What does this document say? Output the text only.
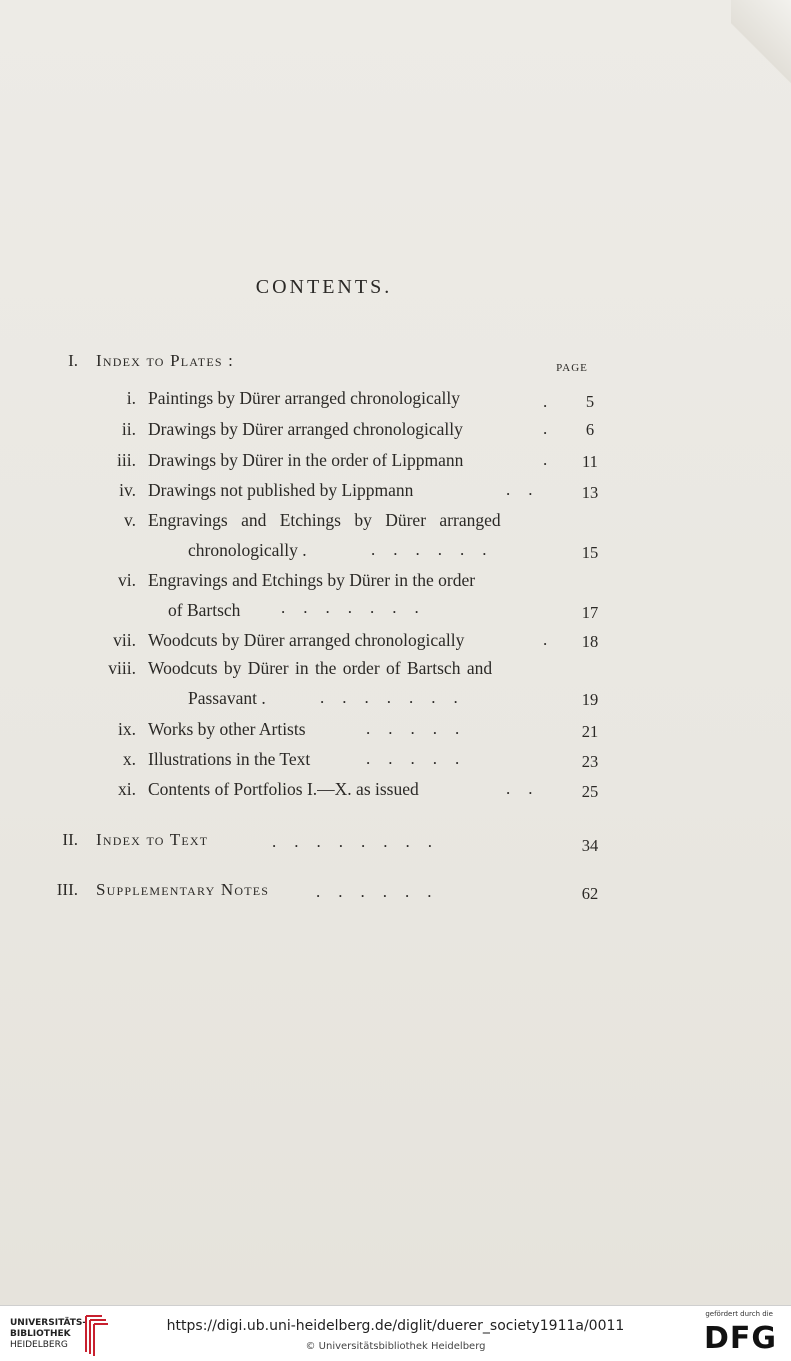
CONTENTS.
I. Index to Plates :	PAGE
i. Paintings by Dürer arranged chronologically	.	5
ii. Drawings by Dürer arranged chronologically	.	6
iii. Drawings by Dürer in the order of Lippmann	.	11
iv. Drawings not published by Lippmann	..	13
v. Engravings and Etchings by Dürer arranged
chronologically .	......	15
vi. Engravings and Etchings by Dürer in the order
of Bartsch .......	17
vii. Woodcuts by Dürer arranged chronologically	.	18
viii. Woodcuts by Dürer in the order of Bartsch and
Passavant .	.......	19
ix. Works by other Artists	.....	21
x. Illustrations in the Text	.....	23
xi. Contents of Portfolios I.—X. as issued	..	25
II. Index to Text	........	34
III. Supplementary Notes	......	62
UNIVERSITÄTS-
BIBLIOTHEK
HEIDELBERG
https://digi.ub.uni-heidelberg.de/diglit/duerer_society1911a/0011
© Universitätsbibliothek Heidelberg
gefördert durch die
DFG
